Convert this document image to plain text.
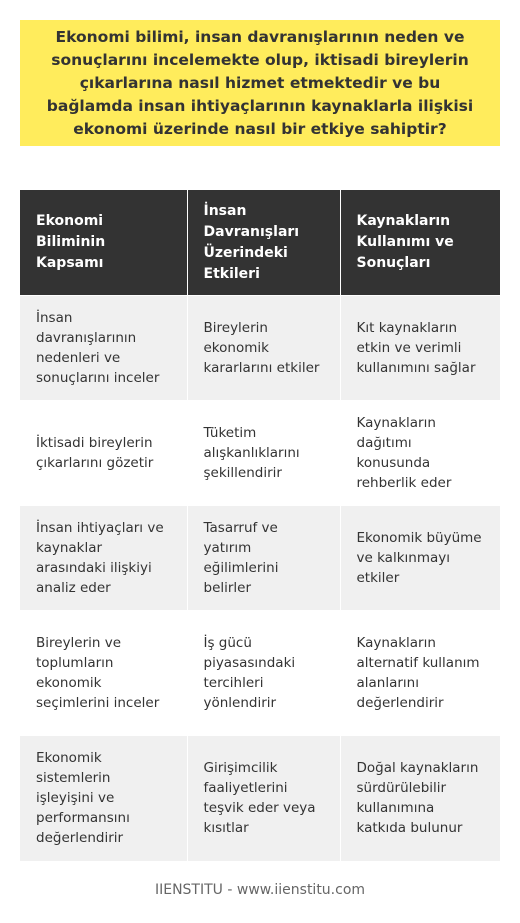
Ekonomi bilimi, insan davranışlarının neden ve sonuçlarını incelemekte olup, iktisadi bireylerin çıkarlarına nasıl hizmet etmektedir ve bu bağlamda insan ihtiyaçlarının kaynaklarla ilişkisi ekonomi üzerinde nasıl bir etkiye sahiptir?
Ekonomi Biliminin Kapsamı	İnsan Davranışları Üzerindeki Etkileri	Kaynakların Kullanımı ve Sonuçları
İnsan davranışlarının nedenleri ve sonuçlarını inceler	Bireylerin ekonomik kararlarını etkiler	Kıt kaynakların etkin ve verimli kullanımını sağlar
İktisadi bireylerin çıkarlarını gözetir	Tüketim alışkanlıklarını şekillendirir	Kaynakların dağıtımı konusunda rehberlik eder
İnsan ihtiyaçları ve kaynaklar arasındaki ilişkiyi analiz eder	Tasarruf ve yatırım eğilimlerini belirler	Ekonomik büyüme ve kalkınmayı etkiler
Bireylerin ve toplumların ekonomik seçimlerini inceler	İş gücü piyasasındaki tercihleri yönlendirir	Kaynakların alternatif kullanım alanlarını değerlendirir
Ekonomik sistemlerin işleyişini ve performansını değerlendirir	Girişimcilik faaliyetlerini teşvik eder veya kısıtlar	Doğal kaynakların sürdürülebilir kullanımına katkıda bulunur
IIENSTITU - www.iienstitu.com
